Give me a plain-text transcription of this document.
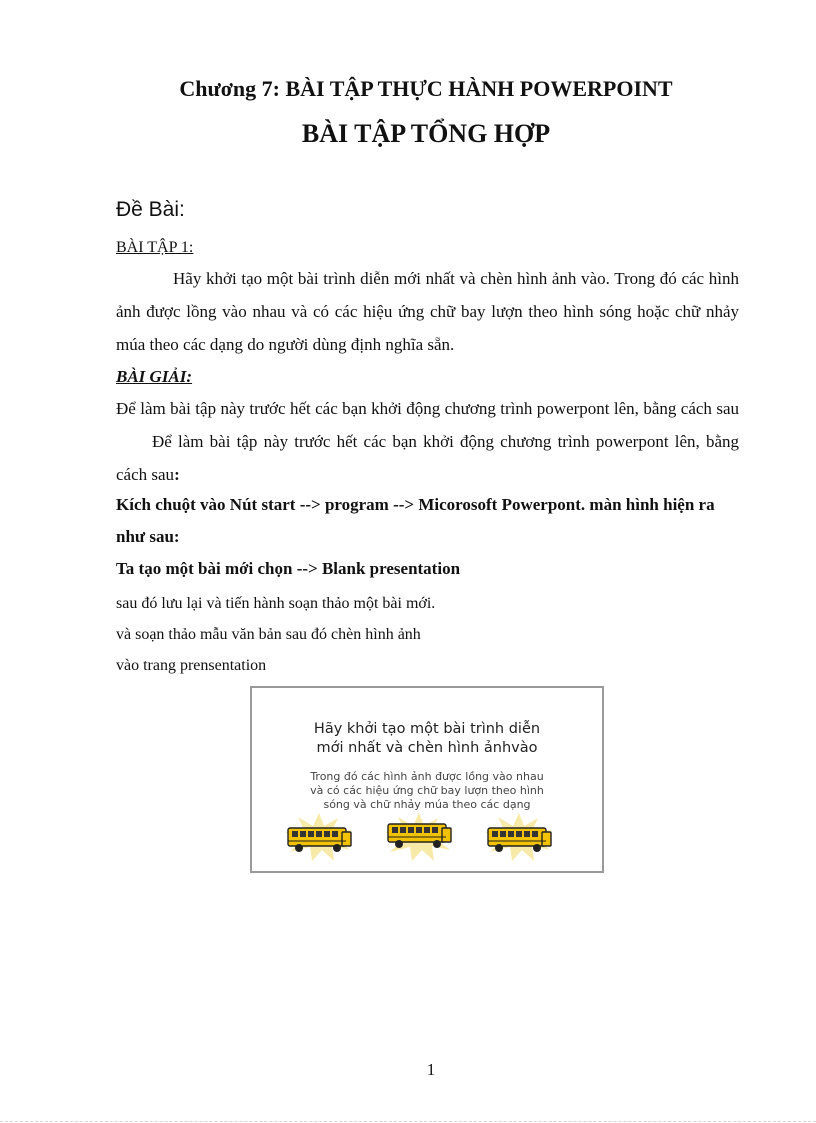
Chương 7: BÀI TẬP THỰC HÀNH POWERPOINT
BÀI TẬP TỔNG HỢP
Đề Bài:
BÀI TẬP 1:
Hãy khởi tạo một bài trình diễn mới nhất và chèn hình ảnh vào. Trong đó các hình ảnh được lồng vào nhau và có các hiệu ứng chữ bay lượn theo hình sóng hoặc chữ nhảy múa theo các dạng do người dùng định nghĩa sẵn.
BÀI GIẢI:
Để làm bài tập này trước hết các bạn khởi động chương trình powerpont lên, bằng cách sauĐể làm bài tập này trước hết các bạn khởi động chương trình powerpont lên, bằng cách sau:
Kích chuột vào Nút start --> program --> Micorosoft Powerpont. màn hình hiện ra như sau:
Ta tạo một bài mới chọn --> Blank presentation
sau đó lưu lại và tiến hành soạn thảo một bài mới.
và soạn thảo mẫu văn bản sau đó chèn hình ảnh
vào trang prensentation
Hãy khởi tạo một bài trình diễn
mới nhất và chèn hình ảnhvào
Trong đó các hình ảnh được lồng vào nhau
và có các hiệu ứng chữ bay lượn theo hình
sóng và chữ nhảy múa theo các dạng
1
